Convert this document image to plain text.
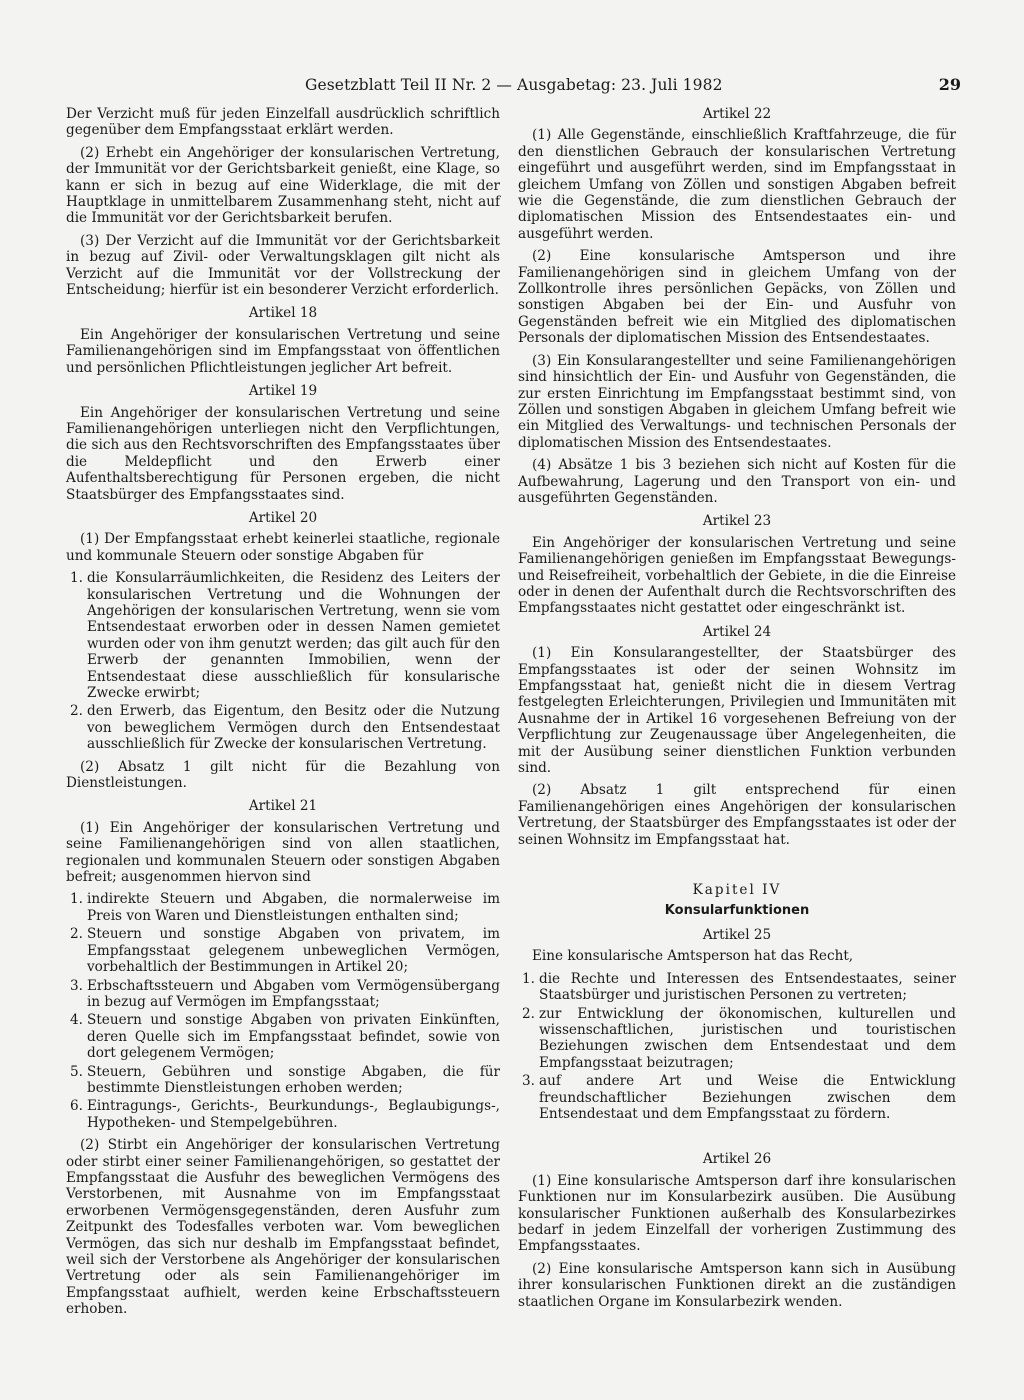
Gesetzblatt Teil II Nr. 2 — Ausgabetag: 23. Juli 1982	29

Der Verzicht muß für jeden Einzelfall ausdrücklich schriftlich gegenüber dem Empfangsstaat erklärt werden.

(2) Erhebt ein Angehöriger der konsularischen Vertretung, der Immunität vor der Gerichtsbarkeit genießt, eine Klage, so kann er sich in bezug auf eine Widerklage, die mit der Hauptklage in unmittelbarem Zusammenhang steht, nicht auf die Immunität vor der Gerichtsbarkeit berufen.

(3) Der Verzicht auf die Immunität vor der Gerichtsbarkeit in bezug auf Zivil- oder Verwaltungsklagen gilt nicht als Verzicht auf die Immunität vor der Vollstreckung der Entscheidung; hierfür ist ein besonderer Verzicht erforderlich.

Artikel 18

Ein Angehöriger der konsularischen Vertretung und seine Familienangehörigen sind im Empfangsstaat von öffentlichen und persönlichen Pflichtleistungen jeglicher Art befreit.

Artikel 19

Ein Angehöriger der konsularischen Vertretung und seine Familienangehörigen unterliegen nicht den Verpflichtungen, die sich aus den Rechtsvorschriften des Empfangsstaates über die Meldepflicht und den Erwerb einer Aufenthaltsberechtigung für Personen ergeben, die nicht Staatsbürger des Empfangsstaates sind.

Artikel 20

(1) Der Empfangsstaat erhebt keinerlei staatliche, regionale und kommunale Steuern oder sonstige Abgaben für

1. die Konsularräumlichkeiten, die Residenz des Leiters der konsularischen Vertretung und die Wohnungen der Angehörigen der konsularischen Vertretung, wenn sie vom Entsendestaat erworben oder in dessen Namen gemietet wurden oder von ihm genutzt werden; das gilt auch für den Erwerb der genannten Immobilien, wenn der Entsendestaat diese ausschließlich für konsularische Zwecke erwirbt;
2. den Erwerb, das Eigentum, den Besitz oder die Nutzung von beweglichem Vermögen durch den Entsendestaat ausschließlich für Zwecke der konsularischen Vertretung.

(2) Absatz 1 gilt nicht für die Bezahlung von Dienstleistungen.

Artikel 21

(1) Ein Angehöriger der konsularischen Vertretung und seine Familienangehörigen sind von allen staatlichen, regionalen und kommunalen Steuern oder sonstigen Abgaben befreit; ausgenommen hiervon sind

1. indirekte Steuern und Abgaben, die normalerweise im Preis von Waren und Dienstleistungen enthalten sind;
2. Steuern und sonstige Abgaben von privatem, im Empfangsstaat gelegenem unbeweglichen Vermögen, vorbehaltlich der Bestimmungen in Artikel 20;
3. Erbschaftssteuern und Abgaben vom Vermögensübergang in bezug auf Vermögen im Empfangsstaat;
4. Steuern und sonstige Abgaben von privaten Einkünften, deren Quelle sich im Empfangsstaat befindet, sowie von dort gelegenem Vermögen;
5. Steuern, Gebühren und sonstige Abgaben, die für bestimmte Dienstleistungen erhoben werden;
6. Eintragungs-, Gerichts-, Beurkundungs-, Beglaubigungs-, Hypotheken- und Stempelgebühren.

(2) Stirbt ein Angehöriger der konsularischen Vertretung oder stirbt einer seiner Familienangehörigen, so gestattet der Empfangsstaat die Ausfuhr des beweglichen Vermögens des Verstorbenen, mit Ausnahme von im Empfangsstaat erworbenen Vermögensgegenständen, deren Ausfuhr zum Zeitpunkt des Todesfalles verboten war. Vom beweglichen Vermögen, das sich nur deshalb im Empfangsstaat befindet, weil sich der Verstorbene als Angehöriger der konsularischen Vertretung oder als sein Familienangehöriger im Empfangsstaat aufhielt, werden keine Erbschaftssteuern erhoben.

Artikel 22

(1) Alle Gegenstände, einschließlich Kraftfahrzeuge, die für den dienstlichen Gebrauch der konsularischen Vertretung eingeführt und ausgeführt werden, sind im Empfangsstaat in gleichem Umfang von Zöllen und sonstigen Abgaben befreit wie die Gegenstände, die zum dienstlichen Gebrauch der diplomatischen Mission des Entsendestaates ein- und ausgeführt werden.

(2) Eine konsularische Amtsperson und ihre Familienangehörigen sind in gleichem Umfang von der Zollkontrolle ihres persönlichen Gepäcks, von Zöllen und sonstigen Abgaben bei der Ein- und Ausfuhr von Gegenständen befreit wie ein Mitglied des diplomatischen Personals der diplomatischen Mission des Entsendestaates.

(3) Ein Konsularangestellter und seine Familienangehörigen sind hinsichtlich der Ein- und Ausfuhr von Gegenständen, die zur ersten Einrichtung im Empfangsstaat bestimmt sind, von Zöllen und sonstigen Abgaben in gleichem Umfang befreit wie ein Mitglied des Verwaltungs- und technischen Personals der diplomatischen Mission des Entsendestaates.

(4) Absätze 1 bis 3 beziehen sich nicht auf Kosten für die Aufbewahrung, Lagerung und den Transport von ein- und ausgeführten Gegenständen.

Artikel 23

Ein Angehöriger der konsularischen Vertretung und seine Familienangehörigen genießen im Empfangsstaat Bewegungs- und Reisefreiheit, vorbehaltlich der Gebiete, in die die Einreise oder in denen der Aufenthalt durch die Rechtsvorschriften des Empfangsstaates nicht gestattet oder eingeschränkt ist.

Artikel 24

(1) Ein Konsularangestellter, der Staatsbürger des Empfangsstaates ist oder der seinen Wohnsitz im Empfangsstaat hat, genießt nicht die in diesem Vertrag festgelegten Erleichterungen, Privilegien und Immunitäten mit Ausnahme der in Artikel 16 vorgesehenen Befreiung von der Verpflichtung zur Zeugenaussage über Angelegenheiten, die mit der Ausübung seiner dienstlichen Funktion verbunden sind.

(2) Absatz 1 gilt entsprechend für einen Familienangehörigen eines Angehörigen der konsularischen Vertretung, der Staatsbürger des Empfangsstaates ist oder der seinen Wohnsitz im Empfangsstaat hat.

Kapitel IV
Konsularfunktionen
Artikel 25

Eine konsularische Amtsperson hat das Recht,

1. die Rechte und Interessen des Entsendestaates, seiner Staatsbürger und juristischen Personen zu vertreten;
2. zur Entwicklung der ökonomischen, kulturellen und wissenschaftlichen, juristischen und touristischen Beziehungen zwischen dem Entsendestaat und dem Empfangsstaat beizutragen;
3. auf andere Art und Weise die Entwicklung freundschaftlicher Beziehungen zwischen dem Entsendestaat und dem Empfangsstaat zu fördern.
Artikel 26

(1) Eine konsularische Amtsperson darf ihre konsularischen Funktionen nur im Konsularbezirk ausüben. Die Ausübung konsularischer Funktionen außerhalb des Konsularbezirkes bedarf in jedem Einzelfall der vorherigen Zustimmung des Empfangsstaates.

(2) Eine konsularische Amtsperson kann sich in Ausübung ihrer konsularischen Funktionen direkt an die zuständigen staatlichen Organe im Konsularbezirk wenden.
